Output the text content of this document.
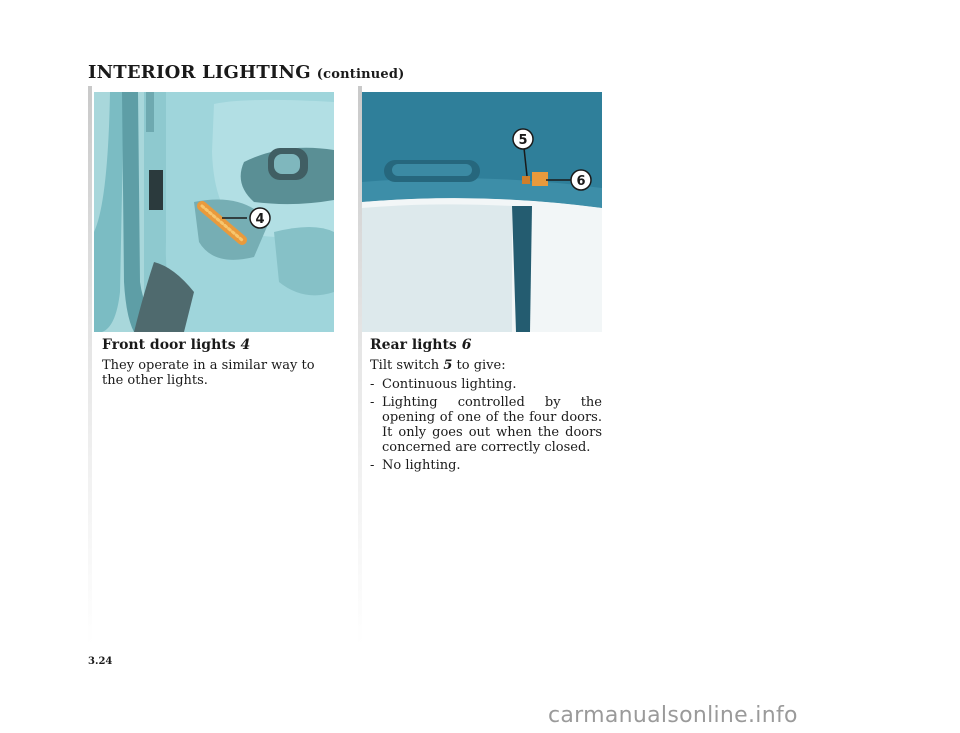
INTERIOR LIGHTING (continued)
4
5
6
Front door lights 4

They operate in a similar way to the other lights.

Rear lights 6

Tilt switch 5 to give:

- Continuous lighting.
- Lighting controlled by the opening of one of the four doors. It only goes out when the doors concerned are correctly closed.
- No lighting.
3.24
carmanualsonline.info
